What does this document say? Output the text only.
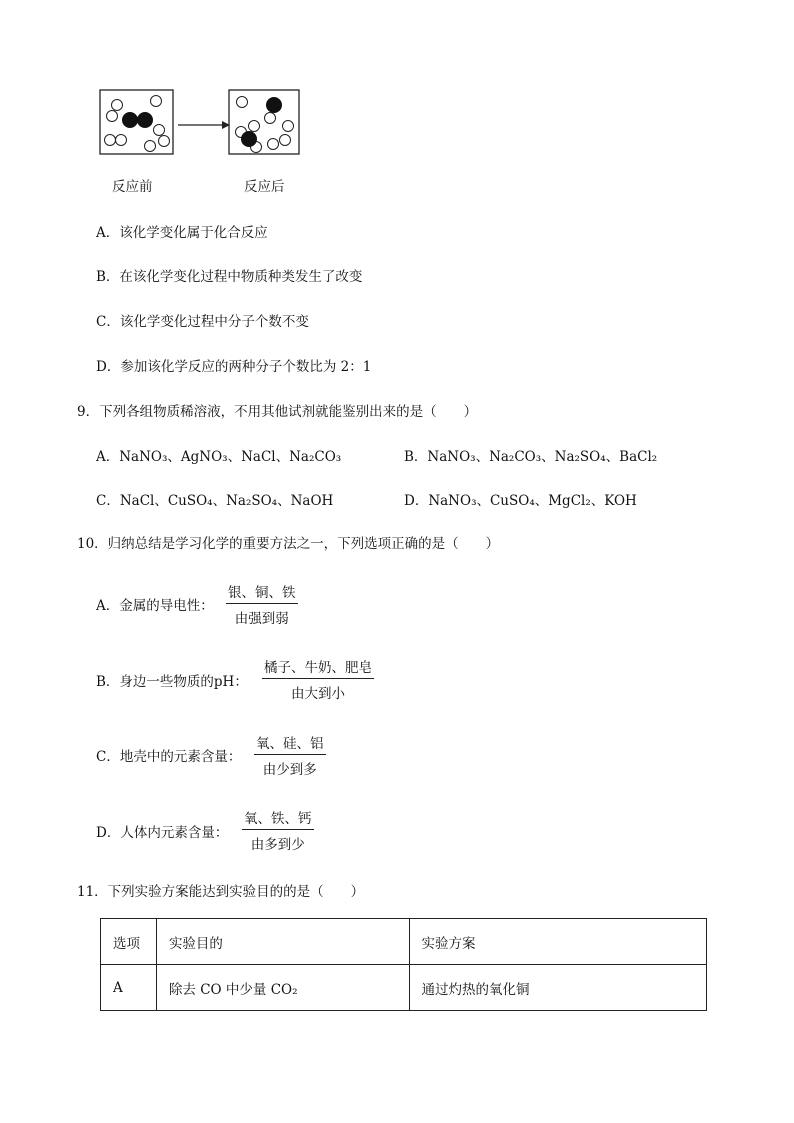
反应前	反应后
A．该化学变化属于化合反应
B．在该化学变化过程中物质种类发生了改变
C．该化学变化过程中分子个数不变
D．参加该化学反应的两种分子个数比为 2：1
9．下列各组物质稀溶液，不用其他试剂就能鉴别出来的是（　　）
A．NaNO₃、AgNO₃、NaCl、Na₂CO₃	B．NaNO₃、Na₂CO₃、Na₂SO₄、BaCl₂
C．NaCl、CuSO₄、Na₂SO₄、NaOH	D．NaNO₃、CuSO₄、MgCl₂、KOH
10．归纳总结是学习化学的重要方法之一，下列选项正确的是（　　）
A．金属的导电性：
银、铜、铁
由强到弱
B．身边一些物质的pH：
橘子、牛奶、肥皂
由大到小
C．地壳中的元素含量：
氧、硅、铝
由少到多
D．人体内元素含量：
氧、铁、钙
由多到少
11．下列实验方案能达到实验目的的是（　　）
选项	实验目的	实验方案
A	除去 CO 中少量 CO₂	通过灼热的氧化铜
